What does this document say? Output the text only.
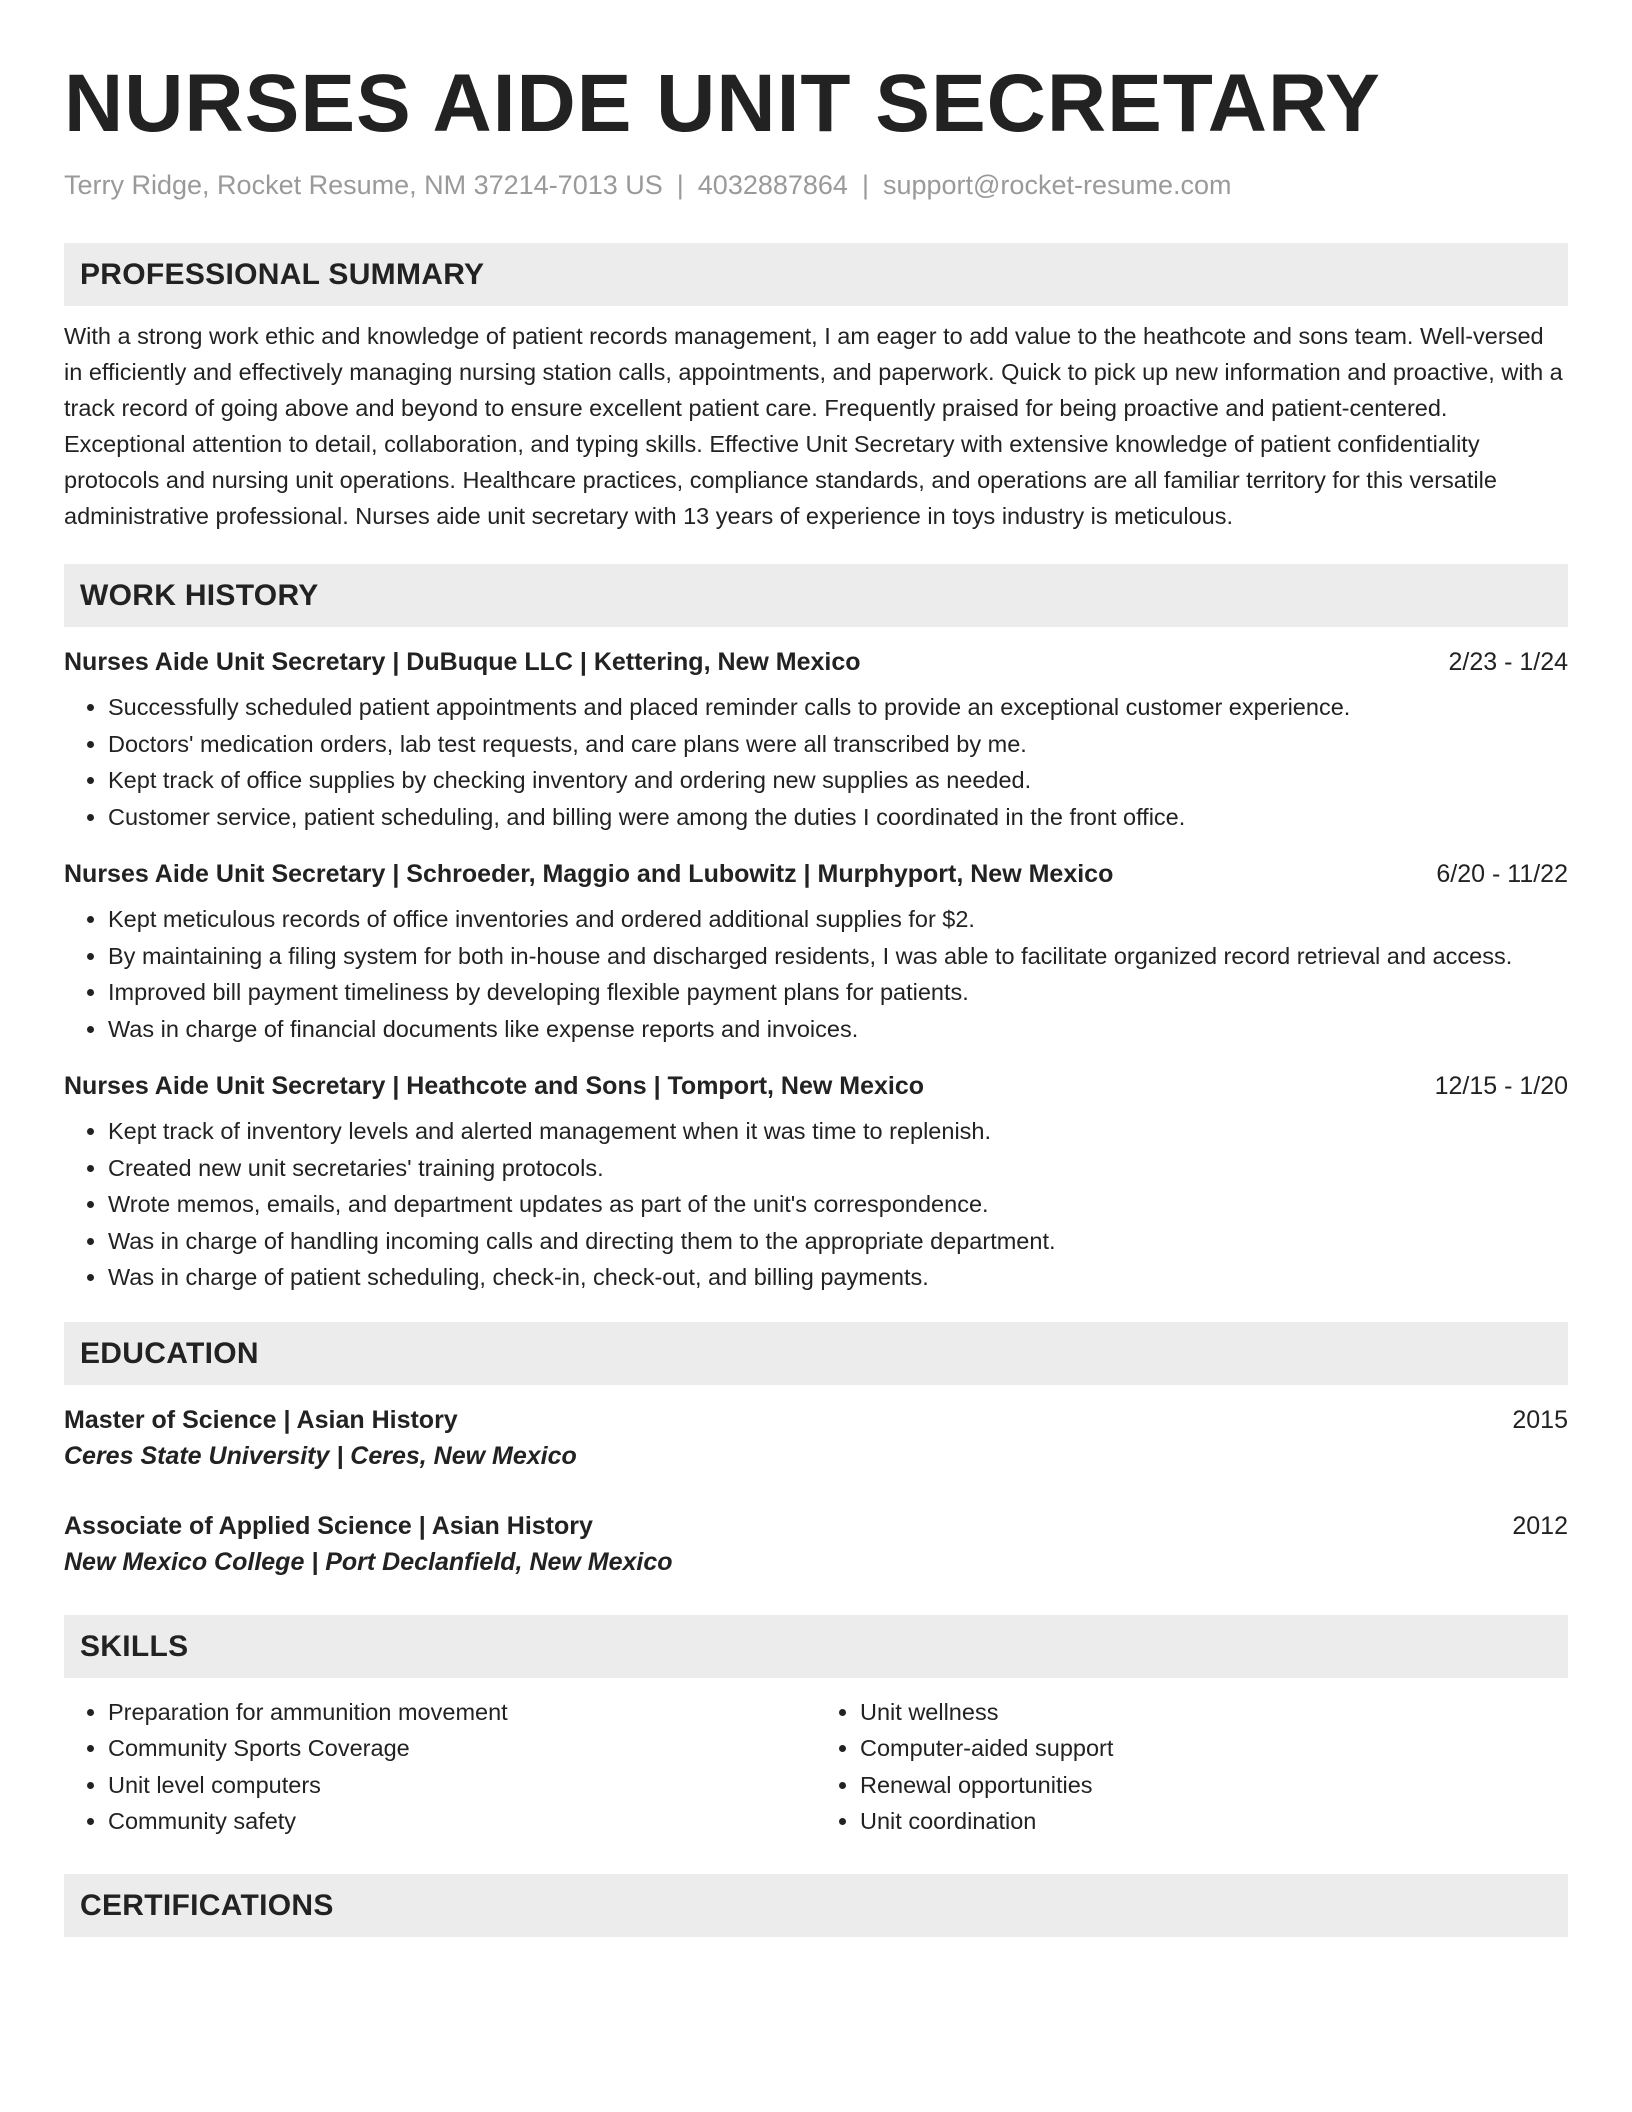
NURSES AIDE UNIT SECRETARY
Terry Ridge, Rocket Resume, NM 37214-7013 US | 4032887864 | support@rocket-resume.com
PROFESSIONAL SUMMARY
With a strong work ethic and knowledge of patient records management, I am eager to add value to the heathcote and sons team. Well-versed in efficiently and effectively managing nursing station calls, appointments, and paperwork. Quick to pick up new information and proactive, with a track record of going above and beyond to ensure excellent patient care. Frequently praised for being proactive and patient-centered. Exceptional attention to detail, collaboration, and typing skills. Effective Unit Secretary with extensive knowledge of patient confidentiality protocols and nursing unit operations. Healthcare practices, compliance standards, and operations are all familiar territory for this versatile administrative professional. Nurses aide unit secretary with 13 years of experience in toys industry is meticulous.
WORK HISTORY
Nurses Aide Unit Secretary | DuBuque LLC | Kettering, New Mexico	2/23 - 1/24
• Successfully scheduled patient appointments and placed reminder calls to provide an exceptional customer experience.
• Doctors' medication orders, lab test requests, and care plans were all transcribed by me.
• Kept track of office supplies by checking inventory and ordering new supplies as needed.
• Customer service, patient scheduling, and billing were among the duties I coordinated in the front office.
Nurses Aide Unit Secretary | Schroeder, Maggio and Lubowitz | Murphyport, New Mexico	6/20 - 11/22
• Kept meticulous records of office inventories and ordered additional supplies for $2.
• By maintaining a filing system for both in-house and discharged residents, I was able to facilitate organized record retrieval and access.
• Improved bill payment timeliness by developing flexible payment plans for patients.
• Was in charge of financial documents like expense reports and invoices.
Nurses Aide Unit Secretary | Heathcote and Sons | Tomport, New Mexico	12/15 - 1/20
• Kept track of inventory levels and alerted management when it was time to replenish.
• Created new unit secretaries' training protocols.
• Wrote memos, emails, and department updates as part of the unit's correspondence.
• Was in charge of handling incoming calls and directing them to the appropriate department.
• Was in charge of patient scheduling, check-in, check-out, and billing payments.
EDUCATION
Master of Science | Asian History	2015
Ceres State University | Ceres, New Mexico
Associate of Applied Science | Asian History	2012
New Mexico College | Port Declanfield, New Mexico
SKILLS
• Preparation for ammunition movement
• Community Sports Coverage
• Unit level computers
• Community safety
• Unit wellness
• Computer-aided support
• Renewal opportunities
• Unit coordination
CERTIFICATIONS
